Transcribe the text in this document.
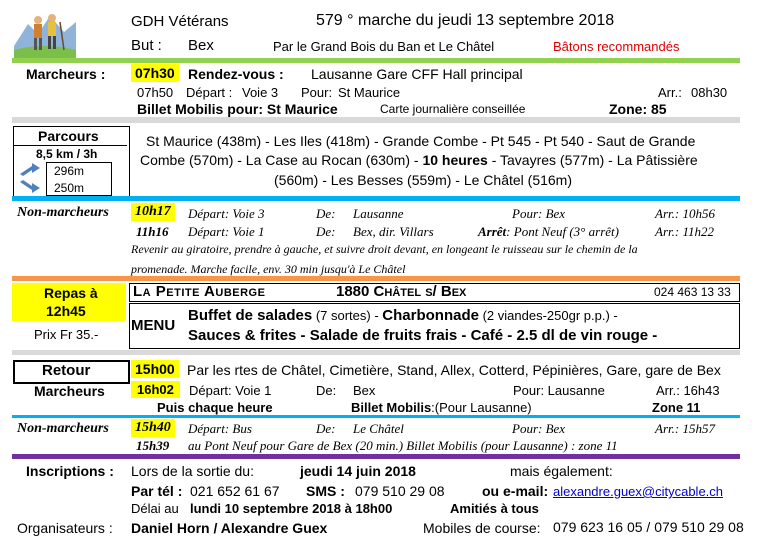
GDH Vétérans	579 ° marche du jeudi 13 septembre 2018
But : Bex	Par le Grand Bois du Ban et Le Châtel	Bâtons recommandés
Marcheurs : 07h30 Rendez-vous : Lausanne Gare CFF Hall principal
07h50 Départ : Voie 3 Pour: St Maurice	Arr.: 08h30
Billet Mobilis pour: St Maurice	Carte journalière conseillée	Zone: 85
Parcours
8,5 km / 3h
296m
250m
St Maurice (438m) - Les Iles (418m) - Grande Combe - Pt 545 - Pt 540 - Saut de Grande
Combe (570m) - La Case au Rocan (630m) - 10 heures - Tavayres (577m) - La Pâtissière
(560m) - Les Besses (559m) - Le Châtel (516m)
Non-marcheurs 10h17	Départ: Voie 3	De: Lausanne	Pour: Bex	Arr.: 10h56
11h16 Départ: Voie 1	De: Bex, dir. Villars	Arrêt: Pont Neuf (3° arrêt)	Arr.: 11h22
Revenir au giratoire, prendre à gauche, et suivre droit devant, en longeant le ruisseau sur le chemin de la
promenade. Marche facile, env. 30 min jusqu'à Le Châtel
Repas à
12h45
Prix Fr 35.-
La Petite Auberge	1880 Châtel s/ Bex	024 463 13 33
MENU
Buffet de salades (7 sortes) - Charbonnade (2 viandes-250gr p.p.) -
Sauces & frites - Salade de fruits frais - Café - 2.5 dl de vin rouge -
Retour	15h00 Par les rtes de Châtel, Cimetière, Stand, Allex, Cotterd, Pépinières, Gare, gare de Bex
Marcheurs	16h02	Départ: Voie 1	De: Bex	Pour: Lausanne	Arr.: 16h43
Puis chaque heure	Billet Mobilis:(Pour Lausanne)	Zone 11
Non-marcheurs 15h40	Départ: Bus	De: Le Châtel	Pour: Bex	Arr.: 15h57
15h39 au Pont Neuf pour Gare de Bex (20 min.) Billet Mobilis (pour Lausanne) : zone 11
Inscriptions : Lors de la sortie du:	jeudi 14 juin 2018	mais également:
Par tél : 021 652 61 67 SMS : 079 510 29 08	ou e-mail: alexandre.guex@citycable.ch
Délai au lundi 10 septembre 2018 à 18h00	Amitiés à tous
Organisateurs : Daniel Horn / Alexandre Guex	Mobiles de course: 079 623 16 05 / 079 510 29 08
